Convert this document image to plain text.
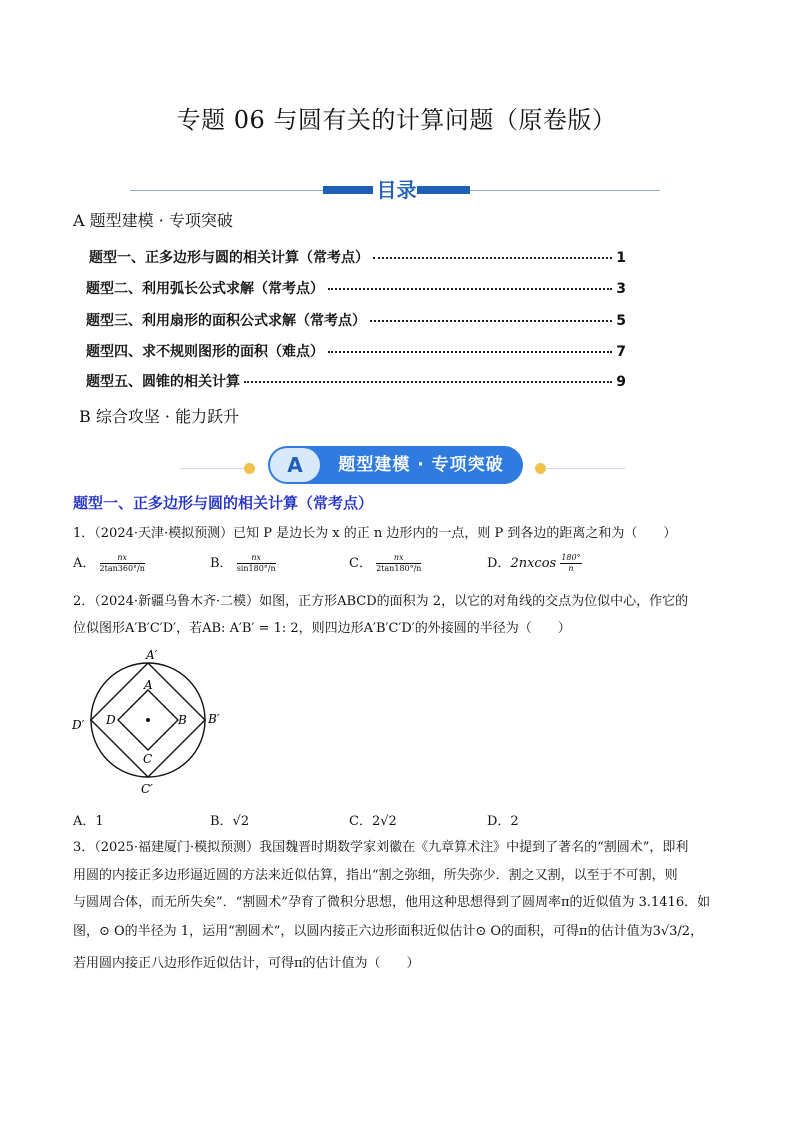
专题 06 与圆有关的计算问题（原卷版）
目录
A 题型建模 · 专项突破
题型一、正多边形与圆的相关计算（常考点）	1
题型二、利用弧长公式求解（常考点）	3
题型三、利用扇形的面积公式求解（常考点）	5
题型四、求不规则图形的面积（难点）	7
题型五、圆锥的相关计算	9
B 综合攻坚 · 能力跃升
A	题型建模 · 专项突破
题型一、正多边形与圆的相关计算（常考点）
1．（2024·天津·模拟预测）已知 P 是边长为 x 的正 n 边形内的一点，则 P 到各边的距离之和为（　　）
A． $\frac{nx}{2\tan 360^\circ/n}$	B． $\frac{nx}{\sin 180^\circ/n}$	C． $\frac{nx}{2\tan 180^\circ/n}$	D．$2nxcos \frac{180^\circ}{n}$
2．（2024·新疆乌鲁木齐·二模）如图，正方形ABCD的面积为 2，以它的对角线的交点为位似中心，作它的
位似图形A′B′C′D′，若AB: A′B′ = 1: 2，则四边形A′B′C′D′的外接圆的半径为（　　）
A′
B′
C′
D′
A
B
C
D
A．1	B．√2	C．2√2	D．2
3．（2025·福建厦门·模拟预测）我国魏晋时期数学家刘徽在《九章算术注》中提到了著名的“割圆术”，即利
用圆的内接正多边形逼近圆的方法来近似估算，指出“割之弥细，所失弥少．割之又割，以至于不可割，则
与圆周合体，而无所失矣”．“割圆术”孕育了微积分思想，他用这种思想得到了圆周率π的近似值为 3.1416．如
图，⊙ O的半径为 1，运用“割圆术”，以圆内接正六边形面积近似估计⊙ O的面积，可得π的估计值为3√3/2，
若用圆内接正八边形作近似估计，可得π的估计值为（　　）
